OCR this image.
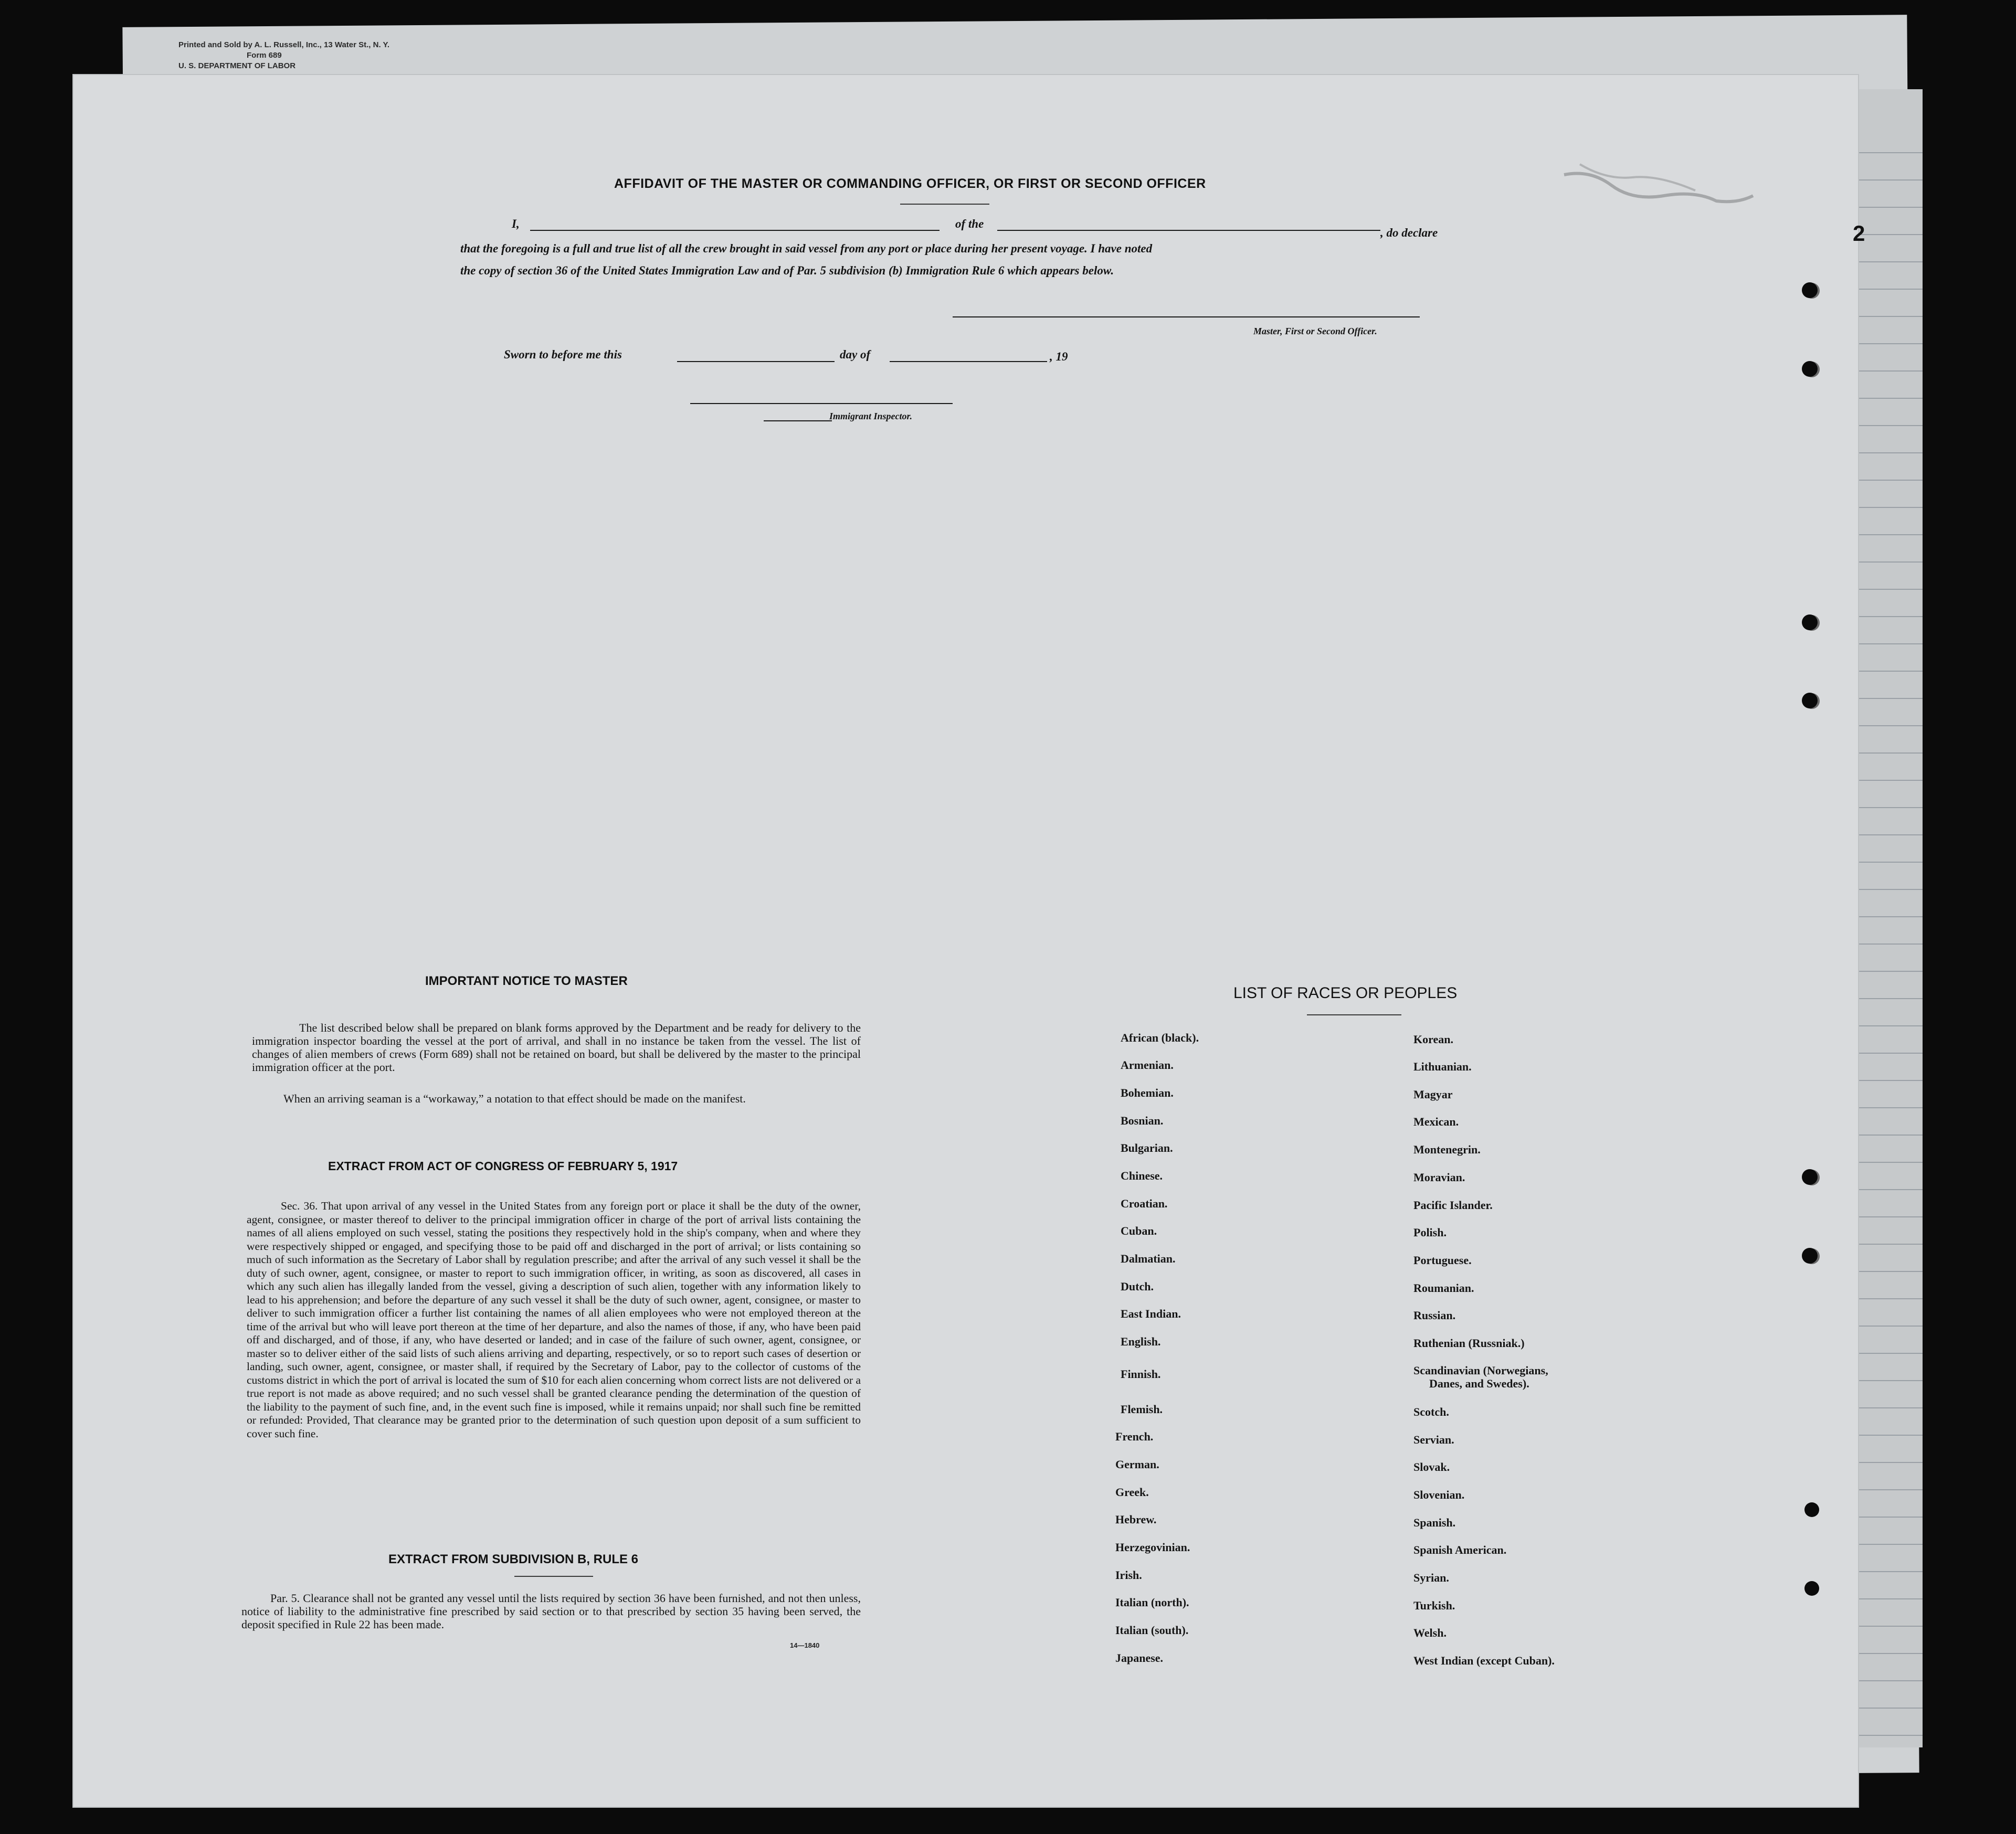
Printed and Sold by A. L. Russell, Inc., 13 Water St., N. Y.
Form 689
U. S. DEPARTMENT OF LABOR
2
AFFIDAVIT OF THE MASTER OR COMMANDING OFFICER, OR FIRST OR SECOND OFFICER
I,	of the
, do declare
that the foregoing is a full and true list of all the crew brought in said vessel from any port or place during her present voyage. I have noted
the copy of section 36 of the United States Immigration Law and of Par. 5 subdivision (b) Immigration Rule 6 which appears below.
Master, First or Second Officer.
Sworn to before me this	day of	, 19
Immigrant Inspector.
IMPORTANT NOTICE TO MASTER
The list described below shall be prepared on blank forms approved by the Department and be ready for delivery to the immigration inspector boarding the vessel at the port of arrival, and shall in no instance be taken from the vessel. The list of changes of alien members of crews (Form 689) shall not be retained on board, but shall be delivered by the master to the principal immigration officer at the port.
When an arriving seaman is a “workaway,” a notation to that effect should be made on the manifest.
EXTRACT FROM ACT OF CONGRESS OF FEBRUARY 5, 1917
Sec. 36. That upon arrival of any vessel in the United States from any foreign port or place it shall be the duty of the owner, agent, consignee, or master thereof to deliver to the principal immigration officer in charge of the port of arrival lists containing the names of all aliens employed on such vessel, stating the positions they respectively hold in the ship's company, when and where they were respectively shipped or engaged, and specifying those to be paid off and discharged in the port of arrival; or lists containing so much of such information as the Secretary of Labor shall by regulation prescribe; and after the arrival of any such vessel it shall be the duty of such owner, agent, consignee, or master to report to such immigration officer, in writing, as soon as discovered, all cases in which any such alien has illegally landed from the vessel, giving a description of such alien, together with any information likely to lead to his apprehension; and before the departure of any such vessel it shall be the duty of such owner, agent, consignee, or master to deliver to such immigration officer a further list containing the names of all alien employees who were not employed thereon at the time of the arrival but who will leave port thereon at the time of her departure, and also the names of those, if any, who have been paid off and discharged, and of those, if any, who have deserted or landed; and in case of the failure of such owner, agent, consignee, or master so to deliver either of the said lists of such aliens arriving and departing, respectively, or so to report such cases of desertion or landing, such owner, agent, consignee, or master shall, if required by the Secretary of Labor, pay to the collector of customs of the customs district in which the port of arrival is located the sum of $10 for each alien concerning whom correct lists are not delivered or a true report is not made as above required; and no such vessel shall be granted clearance pending the determination of the question of the liability to the payment of such fine, and, in the event such fine is imposed, while it remains unpaid; nor shall such fine be remitted or refunded: Provided, That clearance may be granted prior to the determination of such question upon deposit of a sum sufficient to cover such fine.
EXTRACT FROM SUBDIVISION B, RULE 6
Par. 5. Clearance shall not be granted any vessel until the lists required by section 36 have been furnished, and not then unless, notice of liability to the administrative fine prescribed by said section or to that prescribed by section 35 having been served, the deposit specified in Rule 22 has been made.
14—1840
LIST OF RACES OR PEOPLES
African (black).
Armenian.
Bohemian.
Bosnian.
Bulgarian.
Chinese.
Croatian.
Cuban.
Dalmatian.
Dutch.
East Indian.
English.
Finnish.
Flemish.
French.
German.
Greek.
Hebrew.
Herzegovinian.
Irish.
Italian (north).
Italian (south).
Japanese.
Korean.
Lithuanian.
Magyar
Mexican.
Montenegrin.
Moravian.
Pacific Islander.
Polish.
Portuguese.
Roumanian.
Russian.
Ruthenian (Russniak.)
Scandinavian (Norwegians,
Danes, and Swedes).
Scotch.
Servian.
Slovak.
Slovenian.
Spanish.
Spanish American.
Syrian.
Turkish.
Welsh.
West Indian (except Cuban).
